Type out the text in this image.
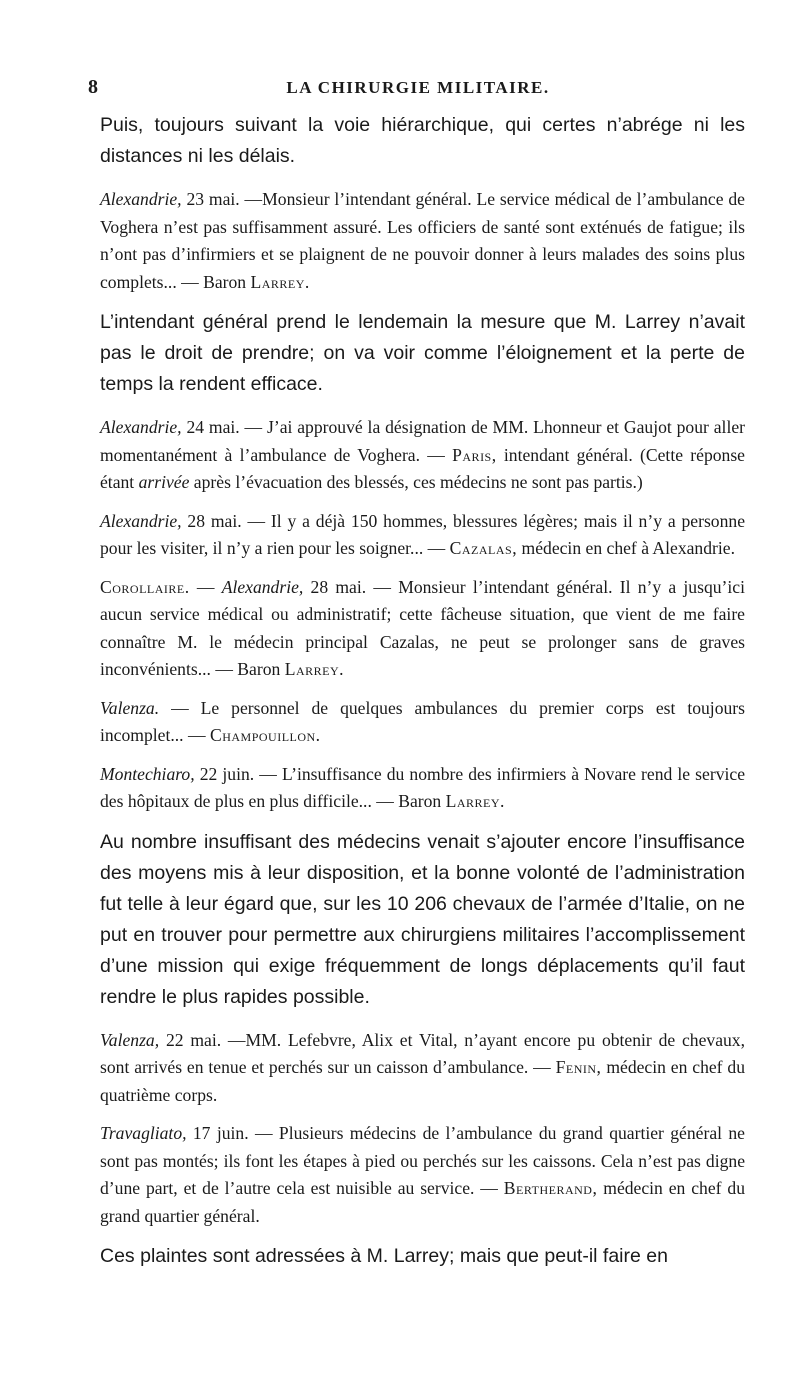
8	LA CHIRURGIE MILITAIRE.

Puis, toujours suivant la voie hiérarchique, qui certes n’abrége ni les distances ni les délais.

Alexandrie, 23 mai. —Monsieur l’intendant général. Le service médical de l’ambulance de Voghera n’est pas suffisamment assuré. Les officiers de santé sont exténués de fatigue; ils n’ont pas d’infirmiers et se plaignent de ne pouvoir donner à leurs malades des soins plus complets... — Baron Larrey.

L’intendant général prend le lendemain la mesure que M. Larrey n’avait pas le droit de prendre; on va voir comme l’éloignement et la perte de temps la rendent efficace.

Alexandrie, 24 mai. — J’ai approuvé la désignation de MM. Lhonneur et Gaujot pour aller momentanément à l’ambulance de Voghera. — Paris, intendant général. (Cette réponse étant arrivée après l’évacuation des blessés, ces médecins ne sont pas partis.)

Alexandrie, 28 mai. — Il y a déjà 150 hommes, blessures légères; mais il n’y a personne pour les visiter, il n’y a rien pour les soigner... — Cazalas, médecin en chef à Alexandrie.

Corollaire. — Alexandrie, 28 mai. — Monsieur l’intendant général. Il n’y a jusqu’ici aucun service médical ou administratif; cette fâcheuse situation, que vient de me faire connaître M. le médecin principal Cazalas, ne peut se prolonger sans de graves inconvénients... — Baron Larrey.

Valenza. — Le personnel de quelques ambulances du premier corps est toujours incomplet... — Champouillon.

Montechiaro, 22 juin. — L’insuffisance du nombre des infirmiers à Novare rend le service des hôpitaux de plus en plus difficile... — Baron Larrey.

Au nombre insuffisant des médecins venait s’ajouter encore l’insuffisance des moyens mis à leur disposition, et la bonne volonté de l’administration fut telle à leur égard que, sur les 10 206 chevaux de l’armée d’Italie, on ne put en trouver pour permettre aux chirurgiens militaires l’accomplissement d’une mission qui exige fréquemment de longs déplacements qu’il faut rendre le plus rapides possible.

Valenza, 22 mai. —MM. Lefebvre, Alix et Vital, n’ayant encore pu obtenir de chevaux, sont arrivés en tenue et perchés sur un caisson d’ambulance. — Fenin, médecin en chef du quatrième corps.

Travagliato, 17 juin. — Plusieurs médecins de l’ambulance du grand quartier général ne sont pas montés; ils font les étapes à pied ou perchés sur les caissons. Cela n’est pas digne d’une part, et de l’autre cela est nuisible au service. — Bertherand, médecin en chef du grand quartier général.

Ces plaintes sont adressées à M. Larrey; mais que peut-il faire en
